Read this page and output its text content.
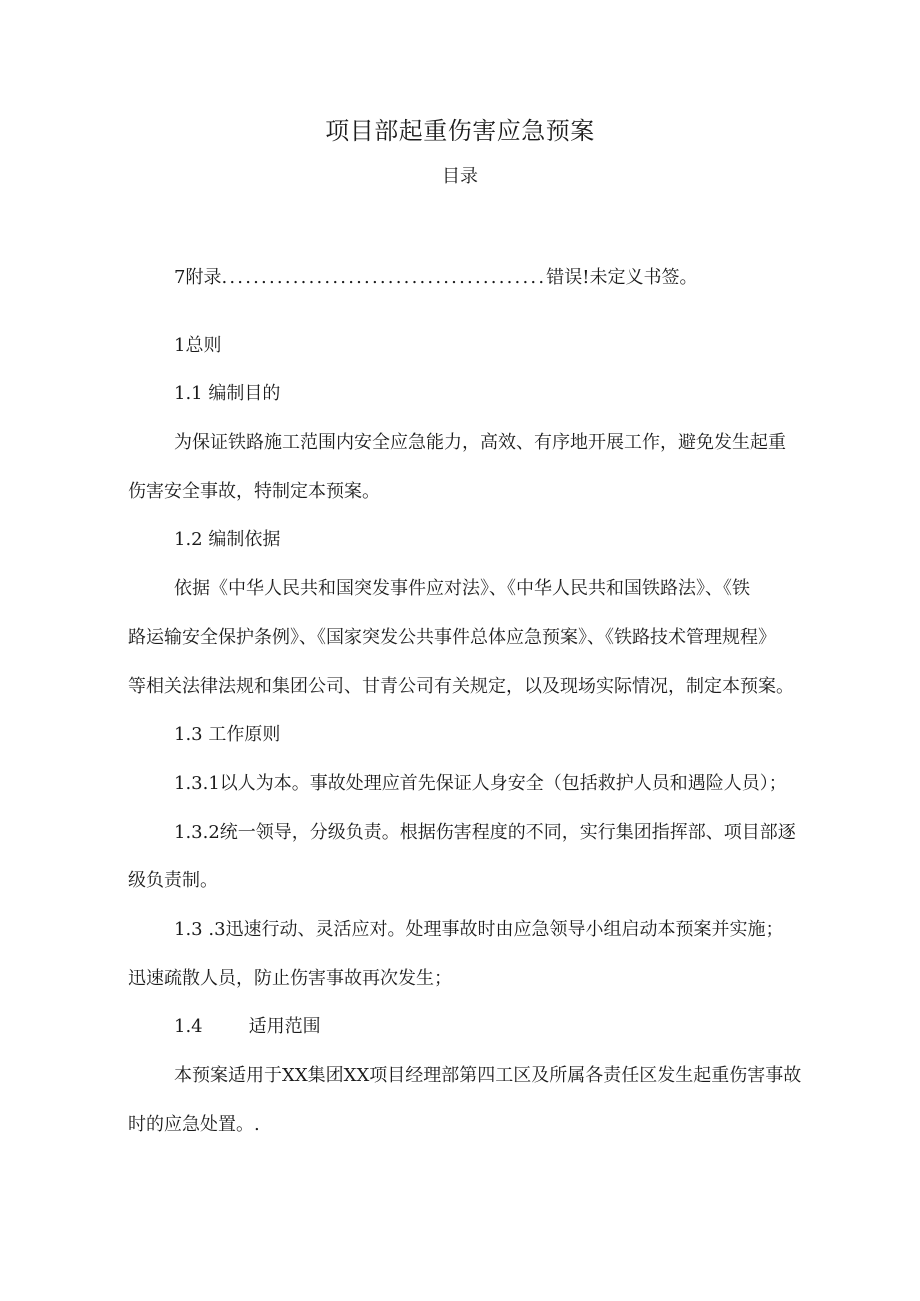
项目部起重伤害应急预案
目录
7附录.........................................错误!未定义书签。
1总则
1.1 编制目的
为保证铁路施工范围内安全应急能力，高效、有序地开展工作，避免发生起重
伤害安全事故，特制定本预案。
1.2 编制依据
依据《中华人民共和国突发事件应对法》、《中华人民共和国铁路法》、《铁
路运输安全保护条例》、《国家突发公共事件总体应急预案》、《铁路技术管理规程》
等相关法律法规和集团公司、甘青公司有关规定，以及现场实际情况，制定本预案。
1.3 工作原则
1.3.1以人为本。事故处理应首先保证人身安全（包括救护人员和遇险人员）；
1.3.2统一领导，分级负责。根据伤害程度的不同，实行集团指挥部、项目部逐
级负责制。
1.3 .3迅速行动、灵活应对。处理事故时由应急领导小组启动本预案并实施；
迅速疏散人员，防止伤害事故再次发生；
1.4	适用范围
本预案适用于XX集团XX项目经理部第四工区及所属各责任区发生起重伤害事故
时的应急处置。.
